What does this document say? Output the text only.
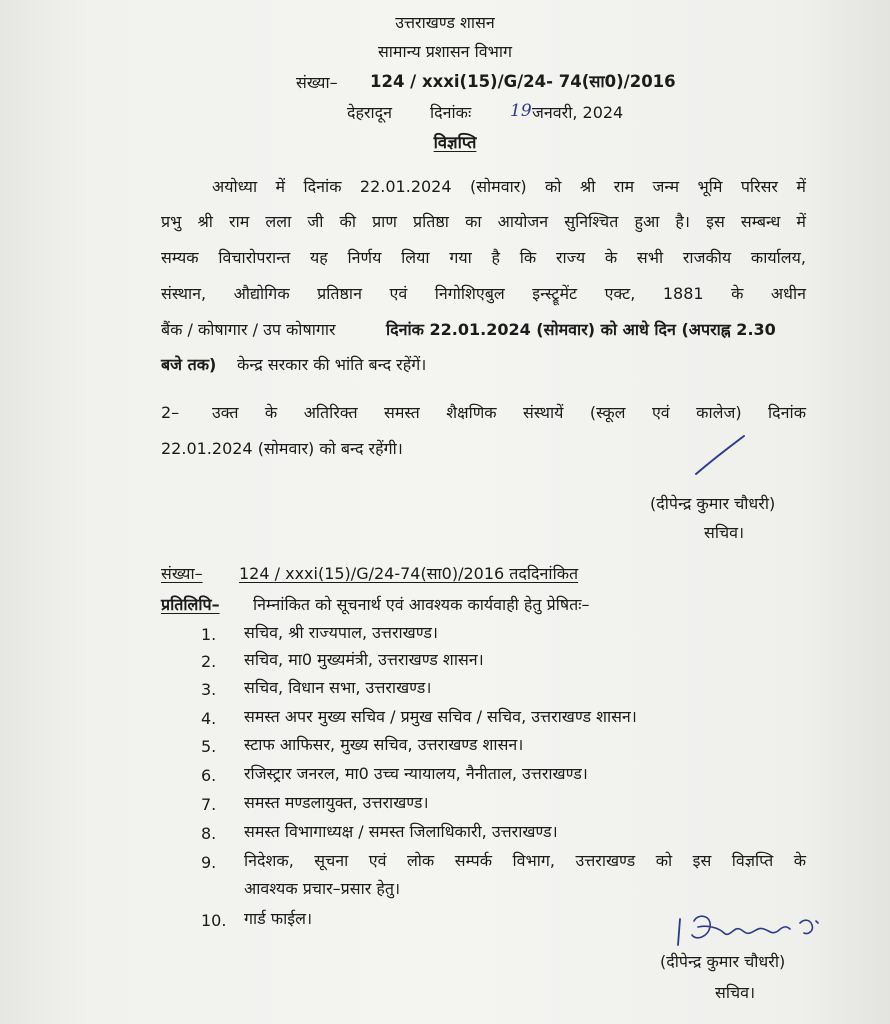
उत्तराखण्ड शासन
सामान्य प्रशासन विभाग
संख्या– 124 / xxxi(15)/G/24- 74(सा0)/2016
देहरादून दिनांकः 19 जनवरी, 2024
विज्ञप्ति
अयोध्या में दिनांक 22.01.2024 (सोमवार) को श्री राम जन्म भूमि परिसर में
प्रभु श्री राम लला जी की प्राण प्रतिष्ठा का आयोजन सुनिश्चित हुआ है। इस सम्बन्ध में
सम्यक विचारोपरान्त यह निर्णय लिया गया है कि राज्य के सभी राजकीय कार्यालय,
संस्थान, औद्योगिक प्रतिष्ठान एवं निगोशिएबुल इन्स्ट्रूमेंट एक्ट, 1881 के अधीन
बैंक / कोषागार / उप कोषागार	दिनांक 22.01.2024 (सोमवार) को आधे दिन (अपराह्न 2.30
बजे तक) केन्द्र सरकार की भांति बन्द रहेंगें।
2– उक्त के अतिरिक्त समस्त शैक्षणिक संस्थायें (स्कूल एवं कालेज) दिनांक
22.01.2024 (सोमवार) को बन्द रहेंगी।
(दीपेन्द्र कुमार चौधरी)
सचिव।
संख्या– 124 / xxxi(15)/G/24-74(सा0)/2016 तददिनांकित
प्रतिलिपि– निम्नांकित को सूचनार्थ एवं आवश्यक कार्यवाही हेतु प्रेषितः–
1. सचिव, श्री राज्यपाल, उत्तराखण्ड।
2. सचिव, मा0 मुख्यमंत्री, उत्तराखण्ड शासन।
3. सचिव, विधान सभा, उत्तराखण्ड।
4. समस्त अपर मुख्य सचिव / प्रमुख सचिव / सचिव, उत्तराखण्ड शासन।
5. स्टाफ आफिसर, मुख्य सचिव, उत्तराखण्ड शासन।
6. रजिस्ट्रार जनरल, मा0 उच्च न्यायालय, नैनीताल, उत्तराखण्ड।
7. समस्त मण्डलायुक्त, उत्तराखण्ड।
8. समस्त विभागाध्यक्ष / समस्त जिलाधिकारी, उत्तराखण्ड।
9. निदेशक, सूचना एवं लोक सम्पर्क विभाग, उत्तराखण्ड को इस विज्ञप्ति के
आवश्यक प्रचार–प्रसार हेतु।
10. गार्ड फाईल।
(दीपेन्द्र कुमार चौधरी)
सचिव।
